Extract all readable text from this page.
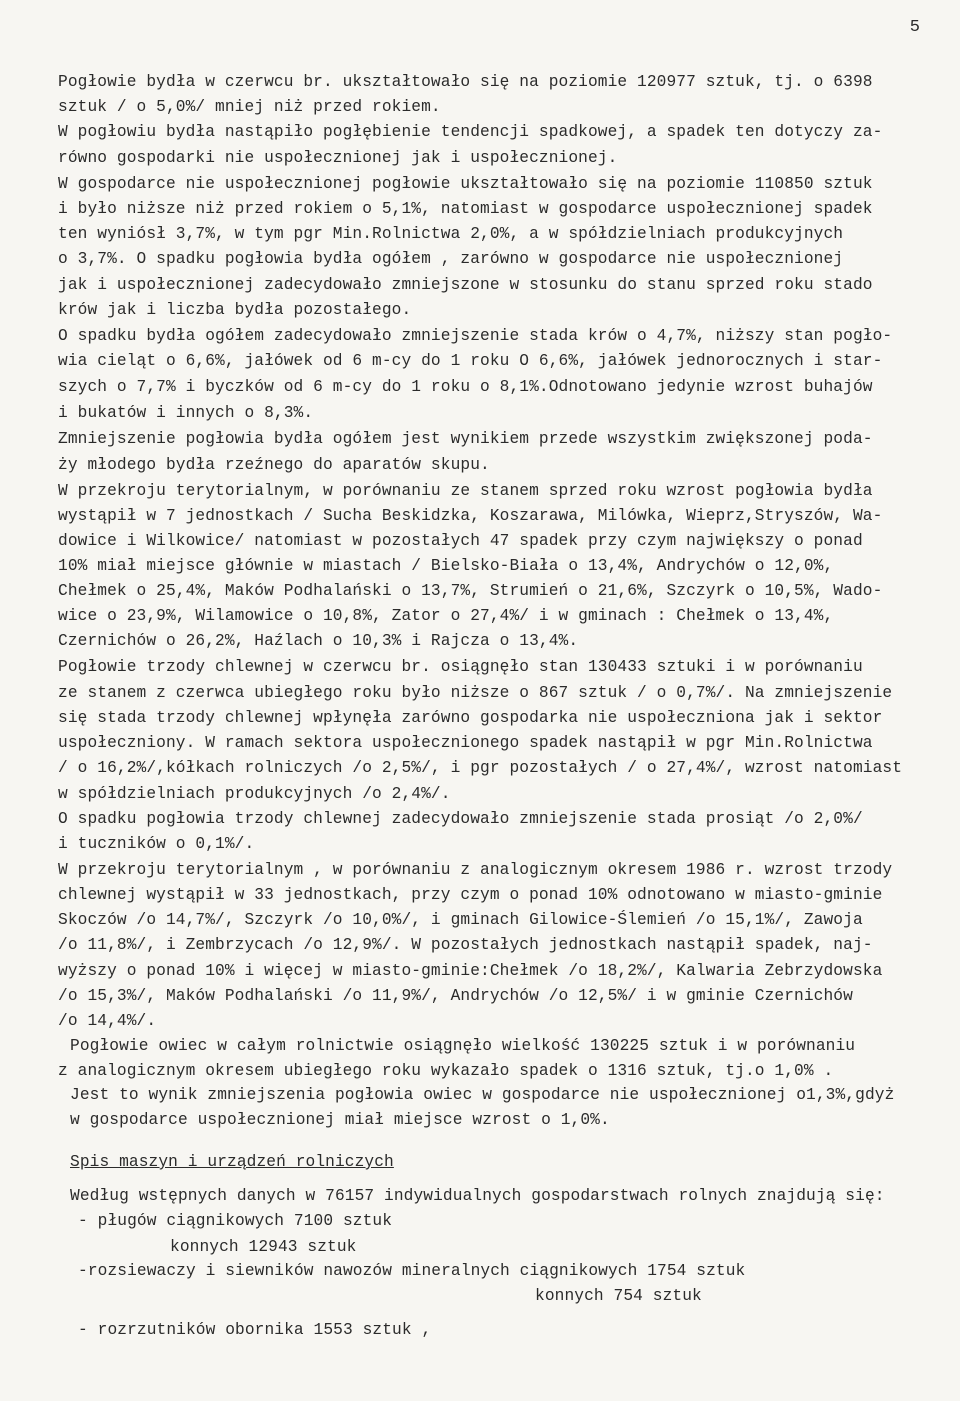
5
Pogłowie bydła w czerwcu br. ukształtowało się na poziomie 120977 sztuk, tj. o 6398
sztuk / o 5,0%/ mniej niż przed rokiem.
W pogłowiu bydła nastąpiło pogłębienie tendencji spadkowej, a spadek ten dotyczy za-
równo gospodarki nie uspołecznionej jak i uspołecznionej.
W gospodarce nie uspołecznionej pogłowie ukształtowało się na poziomie 110850 sztuk
i było niższe niż przed rokiem o 5,1%, natomiast w gospodarce uspołecznionej spadek
ten wyniósł 3,7%, w tym pgr Min.Rolnictwa 2,0%, a w spółdzielniach produkcyjnych
o 3,7%. O spadku pogłowia bydła ogółem , zarówno w gospodarce nie uspołecznionej
jak i uspołecznionej zadecydowało zmniejszone w stosunku do stanu sprzed roku stado
krów jak i liczba bydła pozostałego.
O spadku bydła ogółem zadecydowało zmniejszenie stada krów o 4,7%, niższy stan pogło-
wia cieląt o 6,6%, jałówek od 6 m-cy do 1 roku O 6,6%, jałówek jednorocznych i star-
szych o 7,7% i byczków od 6 m-cy do 1 roku o 8,1%.Odnotowano jedynie wzrost buhajów
i bukatów i innych o 8,3%.
Zmniejszenie pogłowia bydła ogółem jest wynikiem przede wszystkim zwiększonej poda-
ży młodego bydła rzeźnego do aparatów skupu.
W przekroju terytorialnym, w porównaniu ze stanem sprzed roku wzrost pogłowia bydła
wystąpił w 7 jednostkach / Sucha Beskidzka, Koszarawa, Milówka, Wieprz,Stryszów, Wa-
dowice i Wilkowice/ natomiast w pozostałych 47 spadek przy czym największy o ponad
10% miał miejsce głównie w miastach / Bielsko-Biała o 13,4%, Andrychów o 12,0%,
Chełmek o 25,4%, Maków Podhalański o 13,7%, Strumień o 21,6%, Szczyrk o 10,5%, Wado-
wice o 23,9%, Wilamowice o 10,8%, Zator o 27,4%/ i w gminach : Chełmek o 13,4%,
Czernichów o 26,2%, Haźlach o 10,3% i Rajcza o 13,4%.
Pogłowie trzody chlewnej w czerwcu br. osiągnęło stan 130433 sztuki i w porównaniu
ze stanem z czerwca ubiegłego roku było niższe o 867 sztuk / o 0,7%/. Na zmniejszenie
się stada trzody chlewnej wpłynęła zarówno gospodarka nie uspołeczniona jak i sektor
uspołeczniony. W ramach sektora uspołecznionego spadek nastąpił w pgr Min.Rolnictwa
/ o 16,2%/,kółkach rolniczych /o 2,5%/, i pgr pozostałych / o 27,4%/, wzrost natomiast
w spółdzielniach produkcyjnych /o 2,4%/.
O spadku pogłowia trzody chlewnej zadecydowało zmniejszenie stada prosiąt /o 2,0%/
i tuczników o 0,1%/.
W przekroju terytorialnym , w porównaniu z analogicznym okresem 1986 r. wzrost trzody
chlewnej wystąpił w 33 jednostkach, przy czym o ponad 10% odnotowano w miasto-gminie
Skoczów /o 14,7%/, Szczyrk /o 10,0%/, i gminach Gilowice-Ślemień /o 15,1%/, Zawoja
/o 11,8%/, i Zembrzycach /o 12,9%/. W pozostałych jednostkach nastąpił spadek, naj-
wyższy o ponad 10% i więcej w miasto-gminie:Chełmek /o 18,2%/, Kalwaria Zebrzydowska
/o 15,3%/, Maków Podhalański /o 11,9%/, Andrychów /o 12,5%/ i w gminie Czernichów
/o 14,4%/.
Pogłowie owiec w całym rolnictwie osiągnęło wielkość 130225 sztuk i w porównaniu
z analogicznym okresem ubiegłego roku wykazało spadek o 1316 sztuk, tj.o 1,0% .
Jest to wynik zmniejszenia pogłowia owiec w gospodarce nie uspołecznionej o1,3%,gdyż
w gospodarce uspołecznionej miał miejsce wzrost o 1,0%.
Spis maszyn i urządzeń rolniczych
Według wstępnych danych w 76157 indywidualnych gospodarstwach rolnych znajdują się:
- pługów ciągnikowych 7100 sztuk
konnych 12943 sztuk
-rozsiewaczy i siewników nawozów mineralnych ciągnikowych 1754 sztuk
konnych 754 sztuk
- rozrzutników obornika 1553 sztuk ,
